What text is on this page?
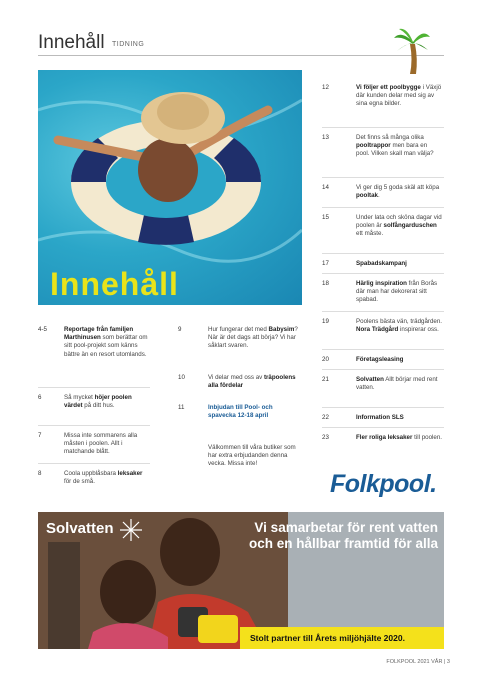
Innehåll TIDNING
Innehåll
4-5	Reportage från familjen Marthinusen som berättar om sitt pool-projekt som känns bättre än en resort utomlands.
6	Så mycket höjer poolen värdet på ditt hus.
7	Missa inte sommarens alla måsten i poolen. Allt i matchande blått.
8	Coola uppblåsbara leksaker för de små.
9	Hur fungerar det med Babysim? När är det dags att börja? Vi har såklart svaren.
10	Vi delar med oss av träpoolens alla fördelar
11	Inbjudan till Pool- och spavecka 12-18 april
Välkommen till våra butiker som har extra erbjudanden denna vecka. Missa inte!
12	Vi följer ett poolbygge i Växjö där kunden delar med sig av sina egna bilder.
13	Det finns så många olika pooltrappor men bara en pool. Vilken skall man välja?
14	Vi ger dig 5 goda skäl att köpa pooltak.
15	Under lata och sköna dagar vid poolen är solfångarduschen ett måste.
17	Spabadskampanj
18	Härlig inspiration från Borås där man har dekorerat sitt spabad.
19	Poolens bästa vän, trädgården. Nora Trädgård inspirerar oss.
20	Företagsleasing
21	Solvatten Allt börjar med rent vatten.
22	Information SLS
23	Fler roliga leksaker till poolen.
Folkpool.
Solvatten	Vi samarbetar för rent vatten och en hållbar framtid för alla
Stolt partner till Årets miljöhjälte 2020.
FOLKPOOL 2021 VÅR | 3
